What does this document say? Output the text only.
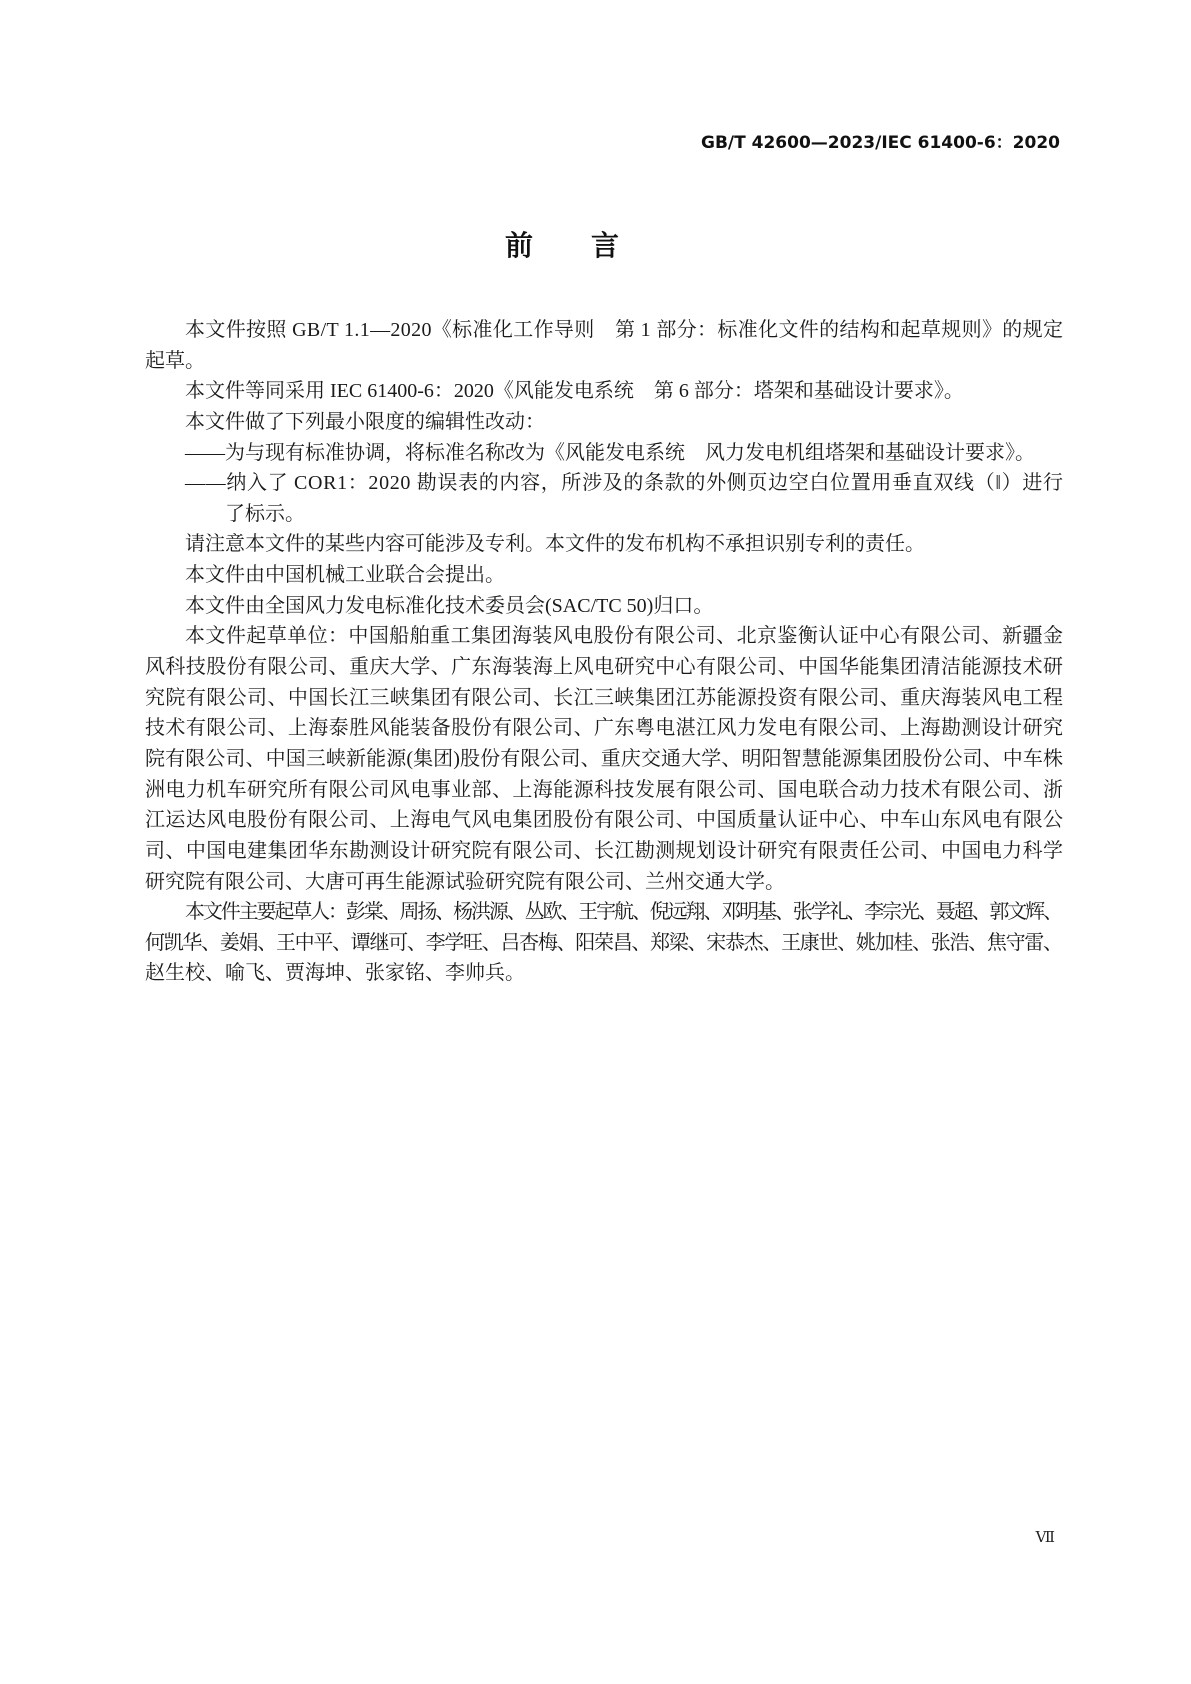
GB/T 42600—2023/IEC 61400-6：2020
前　言
本文件按照 GB/T 1.1—2020《标准化工作导则　第 1 部分：标准化文件的结构和起草规则》的规定
起草。
本文件等同采用 IEC 61400-6：2020《风能发电系统　第 6 部分：塔架和基础设计要求》。
本文件做了下列最小限度的编辑性改动：
——为与现有标准协调，将标准名称改为《风能发电系统　风力发电机组塔架和基础设计要求》。
——纳入了 COR1：2020 勘误表的内容，所涉及的条款的外侧页边空白位置用垂直双线（‖）进行
了标示。
请注意本文件的某些内容可能涉及专利。本文件的发布机构不承担识别专利的责任。
本文件由中国机械工业联合会提出。
本文件由全国风力发电标准化技术委员会(SAC/TC 50)归口。
本文件起草单位：中国船舶重工集团海装风电股份有限公司、北京鉴衡认证中心有限公司、新疆金
风科技股份有限公司、重庆大学、广东海装海上风电研究中心有限公司、中国华能集团清洁能源技术研
究院有限公司、中国长江三峡集团有限公司、长江三峡集团江苏能源投资有限公司、重庆海装风电工程
技术有限公司、上海泰胜风能装备股份有限公司、广东粤电湛江风力发电有限公司、上海勘测设计研究
院有限公司、中国三峡新能源(集团)股份有限公司、重庆交通大学、明阳智慧能源集团股份公司、中车株
洲电力机车研究所有限公司风电事业部、上海能源科技发展有限公司、国电联合动力技术有限公司、浙
江运达风电股份有限公司、上海电气风电集团股份有限公司、中国质量认证中心、中车山东风电有限公
司、中国电建集团华东勘测设计研究院有限公司、长江勘测规划设计研究有限责任公司、中国电力科学
研究院有限公司、大唐可再生能源试验研究院有限公司、兰州交通大学。
本文件主要起草人：彭棠、周扬、杨洪源、丛欧、王宇航、倪远翔、邓明基、张学礼、李宗光、聂超、郭文辉、
何凯华、姜娟、王中平、谭继可、李学旺、吕杏梅、阳荣昌、郑梁、宋恭杰、王康世、姚加桂、张浩、焦守雷、
赵生校、喻飞、贾海坤、张家铭、李帅兵。
Ⅶ
